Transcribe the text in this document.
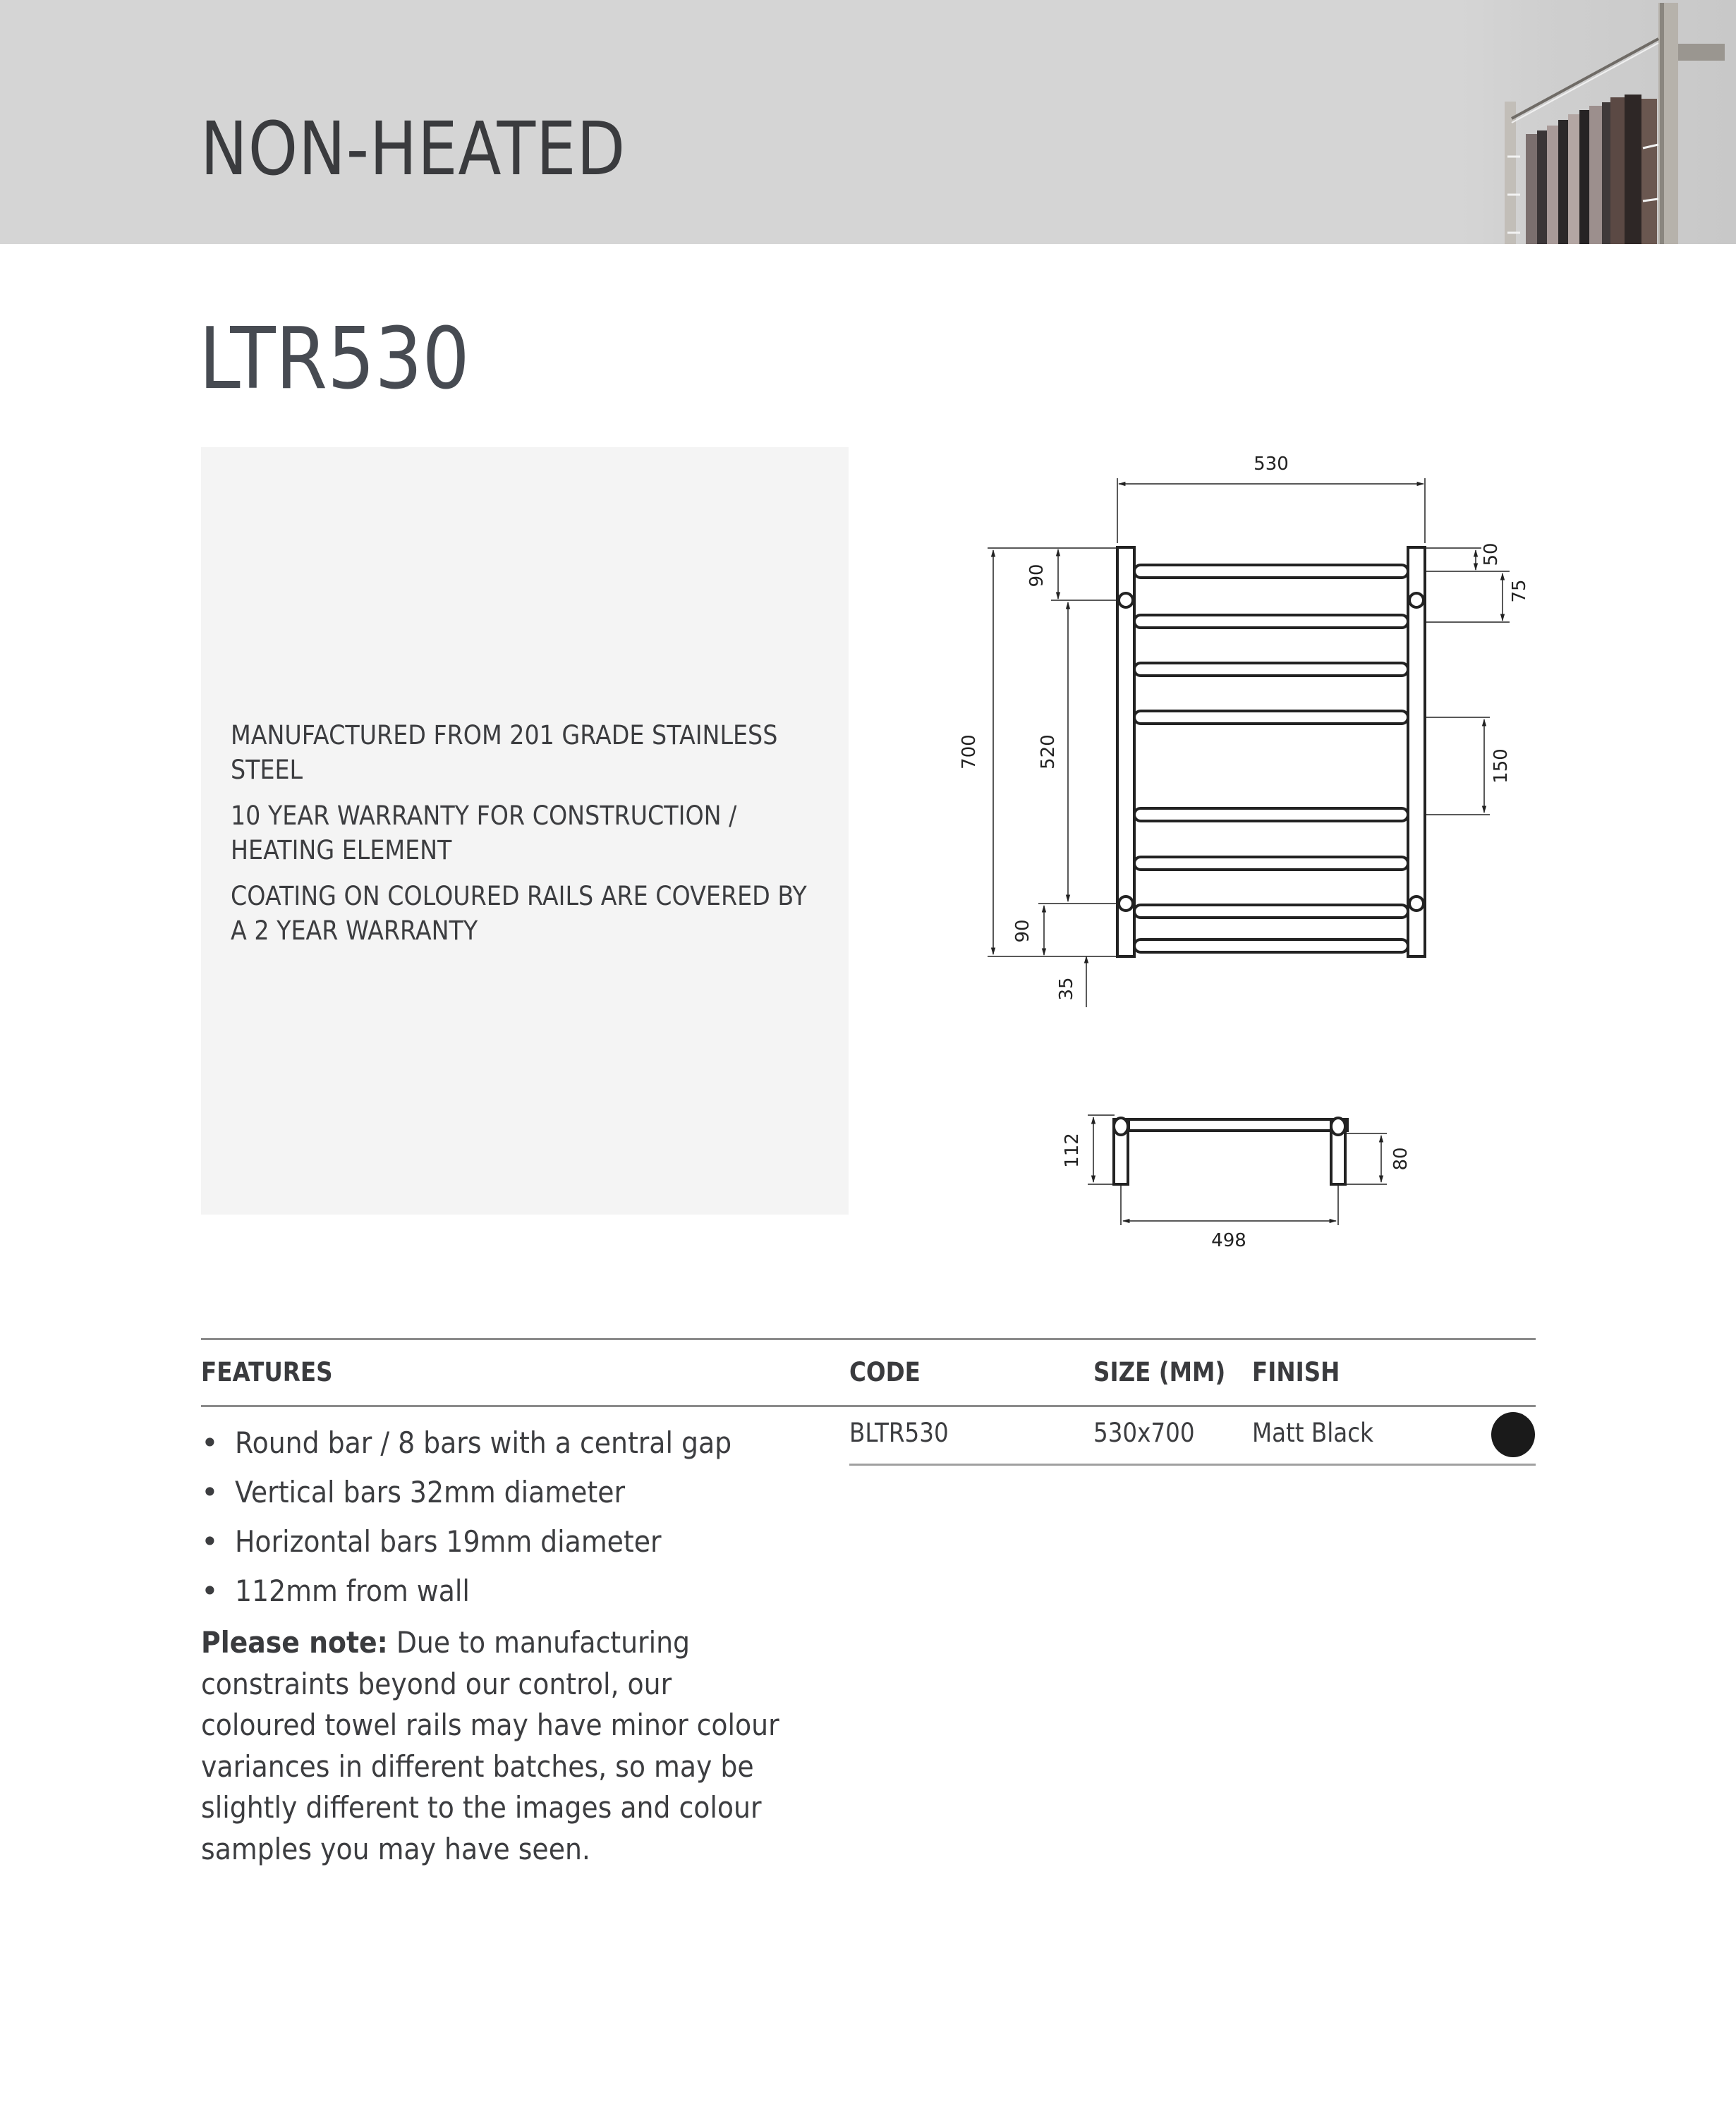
NON-HEATED
LTR530
MANUFACTURED FROM 201 GRADE STAINLESS STEEL
10 YEAR WARRANTY FOR CONSTRUCTION / HEATING ELEMENT
COATING ON COLOURED RAILS ARE COVERED BY A 2 YEAR WARRANTY
530
700
90
520
90
35
50
75
150
112	80
498
FEATURES	CODE	SIZE (MM) FINISH
BLTR530	530x700 Matt Black
• Round bar / 8 bars with a central gap
• Vertical bars 32mm diameter
• Horizontal bars 19mm diameter
• 112mm from wall
Please note: Due to manufacturing constraints beyond our control, our coloured towel rails may have minor colour variances in different batches, so may be slightly different to the images and colour samples you may have seen.
